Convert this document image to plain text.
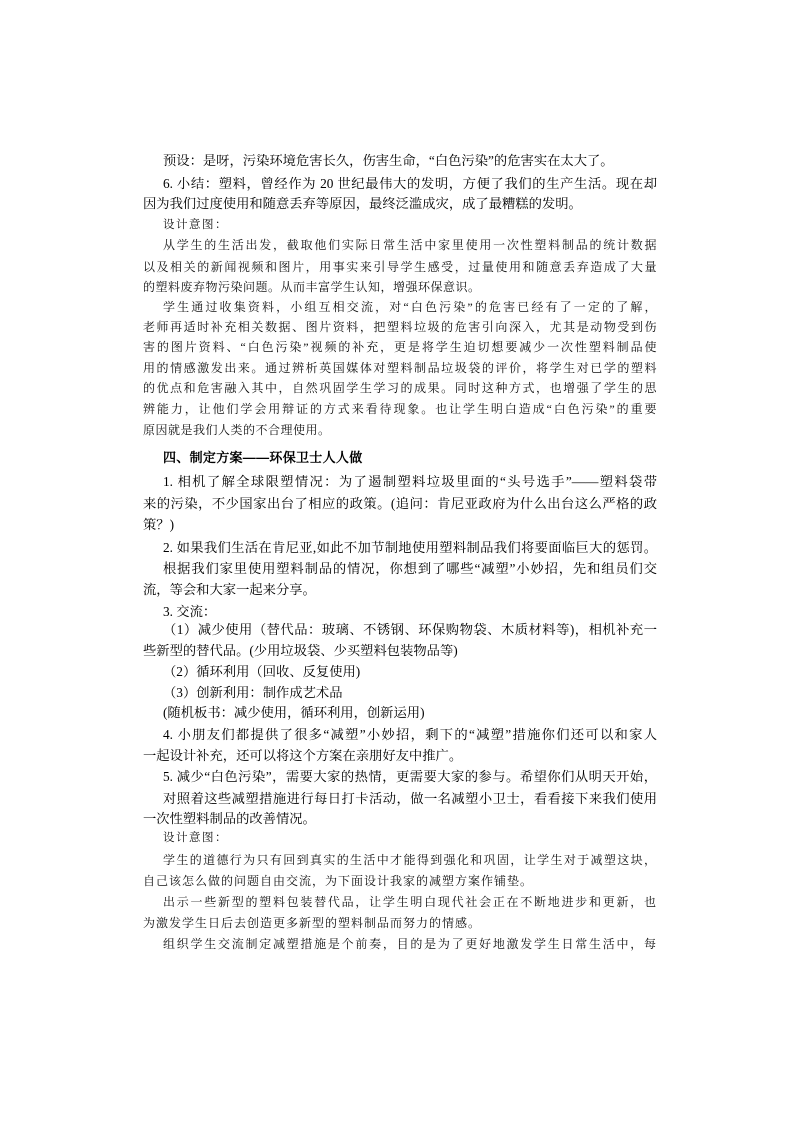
预设：是呀，污染环境危害长久，伤害生命，“白色污染”的危害实在太大了。
6. 小结：塑料，曾经作为 20 世纪最伟大的发明，方便了我们的生产生活。现在却
因为我们过度使用和随意丢弃等原因，最终泛滥成灾，成了最糟糕的发明。
设计意图：
从学生的生活出发，截取他们实际日常生活中家里使用一次性塑料制品的统计数据
以及相关的新闻视频和图片，用事实来引导学生感受，过量使用和随意丢弃造成了大量
的塑料废弃物污染问题。从而丰富学生认知，增强环保意识。
学生通过收集资料，小组互相交流，对“白色污染”的危害已经有了一定的了解，
老师再适时补充相关数据、图片资料，把塑料垃圾的危害引向深入，尤其是动物受到伤
害的图片资料、“白色污染”视频的补充，更是将学生迫切想要减少一次性塑料制品使
用的情感激发出来。通过辨析英国媒体对塑料制品垃圾袋的评价，将学生对已学的塑料
的优点和危害融入其中，自然巩固学生学习的成果。同时这种方式，也增强了学生的思
辨能力，让他们学会用辩证的方式来看待现象。也让学生明白造成“白色污染”的重要
原因就是我们人类的不合理使用。
四、制定方案——环保卫士人人做
1. 相机了解全球限塑情况：为了遏制塑料垃圾里面的“头号选手”——塑料袋带
来的污染，不少国家出台了相应的政策。(追问：肯尼亚政府为什么出台这么严格的政
策？)
2. 如果我们生活在肯尼亚,如此不加节制地使用塑料制品我们将要面临巨大的惩罚。
根据我们家里使用塑料制品的情况，你想到了哪些“减塑”小妙招，先和组员们交
流，等会和大家一起来分享。
3. 交流：
（1）减少使用（替代品：玻璃、不锈钢、环保购物袋、木质材料等)，相机补充一
些新型的替代品。(少用垃圾袋、少买塑料包装物品等)
（2）循环利用（回收、反复使用)
（3）创新利用：制作成艺术品
(随机板书：减少使用，循环利用，创新运用)
4. 小朋友们都提供了很多“减塑”小妙招，剩下的“减塑”措施你们还可以和家人
一起设计补充，还可以将这个方案在亲朋好友中推广。
5. 减少“白色污染”，需要大家的热情，更需要大家的参与。希望你们从明天开始，
对照着这些减塑措施进行每日打卡活动，做一名减塑小卫士，看看接下来我们使用
一次性塑料制品的改善情况。
设计意图：
学生的道德行为只有回到真实的生活中才能得到强化和巩固，让学生对于减塑这块，
自己该怎么做的问题自由交流，为下面设计我家的减塑方案作铺垫。
出示一些新型的塑料包装替代品，让学生明白现代社会正在不断地进步和更新，也
为激发学生日后去创造更多新型的塑料制品而努力的情感。
组织学生交流制定减塑措施是个前奏，目的是为了更好地激发学生日常生活中，每
